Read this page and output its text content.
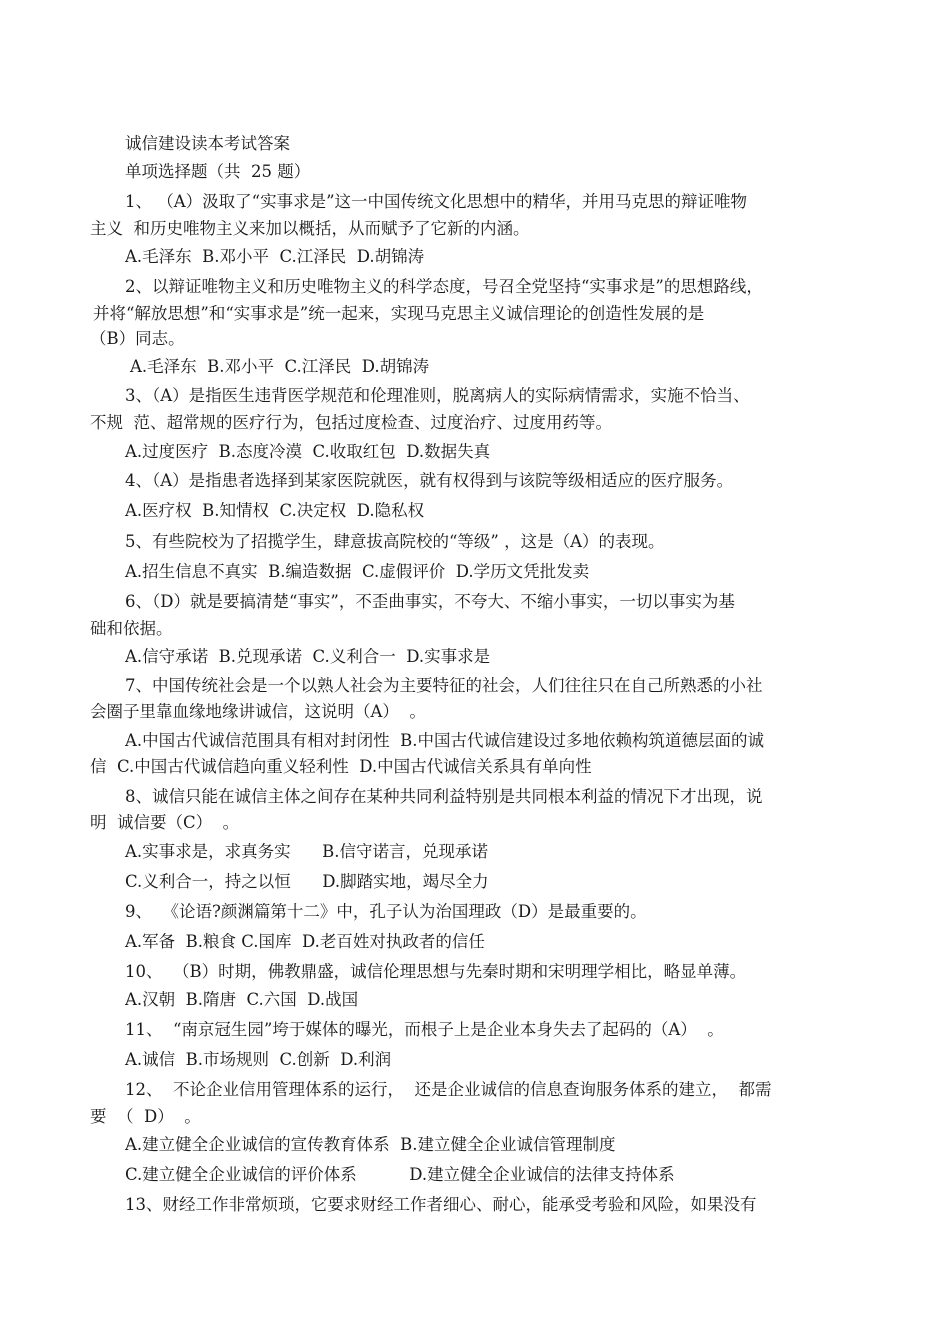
诚信建设读本考试答案
单项选择题（共  25 题）
1、 （A）汲取了“实事求是”这一中国传统文化思想中的精华，并用马克思的辩证唯物
主义  和历史唯物主义来加以概括，从而赋予了它新的内涵。
A.毛泽东  B.邓小平  C.江泽民  D.胡锦涛
2、以辩证唯物主义和历史唯物主义的科学态度，号召全党坚持“实事求是”的思想路线，
并将“解放思想”和“实事求是”统一起来，实现马克思主义诚信理论的创造性发展的是
（B）同志。
A.毛泽东  B.邓小平  C.江泽民  D.胡锦涛
3、（A）是指医生违背医学规范和伦理准则，脱离病人的实际病情需求，实施不恰当、
不规  范、超常规的医疗行为，包括过度检查、过度治疗、过度用药等。
A.过度医疗  B.态度冷漠  C.收取红包  D.数据失真
4、（A）是指患者选择到某家医院就医，就有权得到与该院等级相适应的医疗服务。
A.医疗权  B.知情权  C.决定权  D.隐私权
5、有些院校为了招揽学生，肆意拔高院校的“等级” ，这是（A）的表现。
A.招生信息不真实  B.编造数据  C.虚假评价  D.学历文凭批发卖
6、（D）就是要搞清楚“事实”，不歪曲事实，不夸大、不缩小事实，一切以事实为基
础和依据。
A.信守承诺  B.兑现承诺  C.义利合一  D.实事求是
7、中国传统社会是一个以熟人社会为主要特征的社会，人们往往只在自己所熟悉的小社
会圈子里靠血缘地缘讲诚信，这说明（A）  。
A.中国古代诚信范围具有相对封闭性  B.中国古代诚信建设过多地依赖构筑道德层面的诚
信  C.中国古代诚信趋向重义轻利性  D.中国古代诚信关系具有单向性
8、诚信只能在诚信主体之间存在某种共同利益特别是共同根本利益的情况下才出现，说
明  诚信要（C）  。
A.实事求是，求真务实      B.信守诺言，兑现承诺
C.义利合一，持之以恒      D.脚踏实地，竭尽全力
9、  《论语?颜渊篇第十二》中，孔子认为治国理政（D）是最重要的。
A.军备  B.粮食 C.国库  D.老百姓对执政者的信任
10、  （B）时期，佛教鼎盛，诚信伦理思想与先秦时期和宋明理学相比，略显单薄。
A.汉朝  B.隋唐  C.六国  D.战国
11、  “南京冠生园”垮于媒体的曝光，而根子上是企业本身失去了起码的（A）  。
A.诚信  B.市场规则  C.创新  D.利润
12、  不论企业信用管理体系的运行，  还是企业诚信的信息查询服务体系的建立，  都需
要  （  D）  。
A.建立健全企业诚信的宣传教育体系  B.建立健全企业诚信管理制度
C.建立健全企业诚信的评价体系          D.建立健全企业诚信的法律支持体系
13、财经工作非常烦琐，它要求财经工作者细心、耐心，能承受考验和风险，如果没有
